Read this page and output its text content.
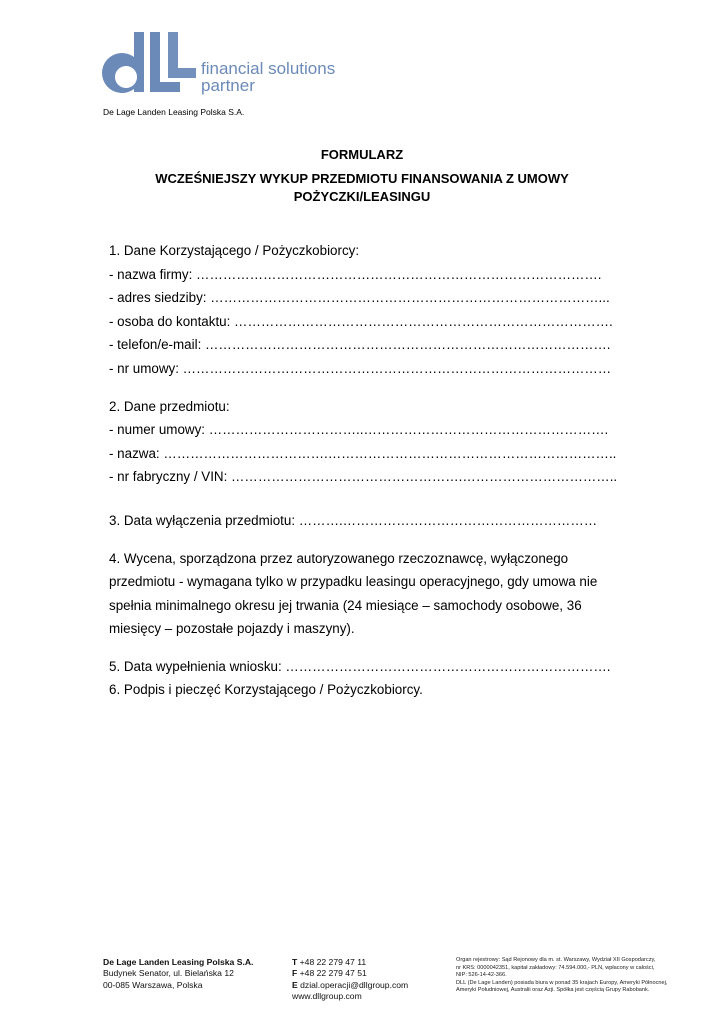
financial solutions
partner
De Lage Landen Leasing Polska S.A.
FORMULARZ
WCZEŚNIEJSZY WYKUP PRZEDMIOTU FINANSOWANIA Z UMOWY
POŻYCZKI/LEASINGU
1. Dane Korzystającego / Pożyczkobiorcy:
- nazwa firmy: ……………………………………………………………………………….
- adres siedziby: ……………………………………………………………………………...
- osoba do kontaktu: ………………………………………………………………………….
- telefon/e-mail: ……………………………………………………………………………….
- nr umowy: ……………………………………………………………………………………
2. Dane przedmiotu:
- numer umowy: ……………………………..……………………………………………….
- nazwa: ……………………………….………………………………………………………..
- nr fabryczny / VIN: …………………………………………….……………………………..
3. Data wyłączenia przedmiotu: ……….…………………………………………………
4. Wycena, sporządzona przez autoryzowanego rzeczoznawcę, wyłączonego
przedmiotu - wymagana tylko w przypadku leasingu operacyjnego, gdy umowa nie
spełnia minimalnego okresu jej trwania (24 miesiące – samochody osobowe, 36
miesięcy – pozostałe pojazdy i maszyny).
5. Data wypełnienia wniosku: ……………………………………………………………….
6. Podpis i pieczęć Korzystającego / Pożyczkobiorcy.
De Lage Landen Leasing Polska S.A.
Budynek Senator, ul. Bielańska 12
00-085 Warszawa, Polska
T +48 22 279 47 11
F +48 22 279 47 51
E dzial.operacji@dllgroup.com
www.dllgroup.com
Organ rejestrowy: Sąd Rejonowy dla m. st. Warszawy, Wydział XII Gospodarczy,
nr KRS: 0000042351, kapitał zakładowy: 74.594.000,- PLN, wpłacony w całości,
NIP: 526-14-42-366.
DLL (De Lage Landen) posiada biura w ponad 35 krajach Europy, Ameryki Północnej,
Ameryki Południowej, Australii oraz Azji. Spółka jest częścią Grupy Rabobank.
